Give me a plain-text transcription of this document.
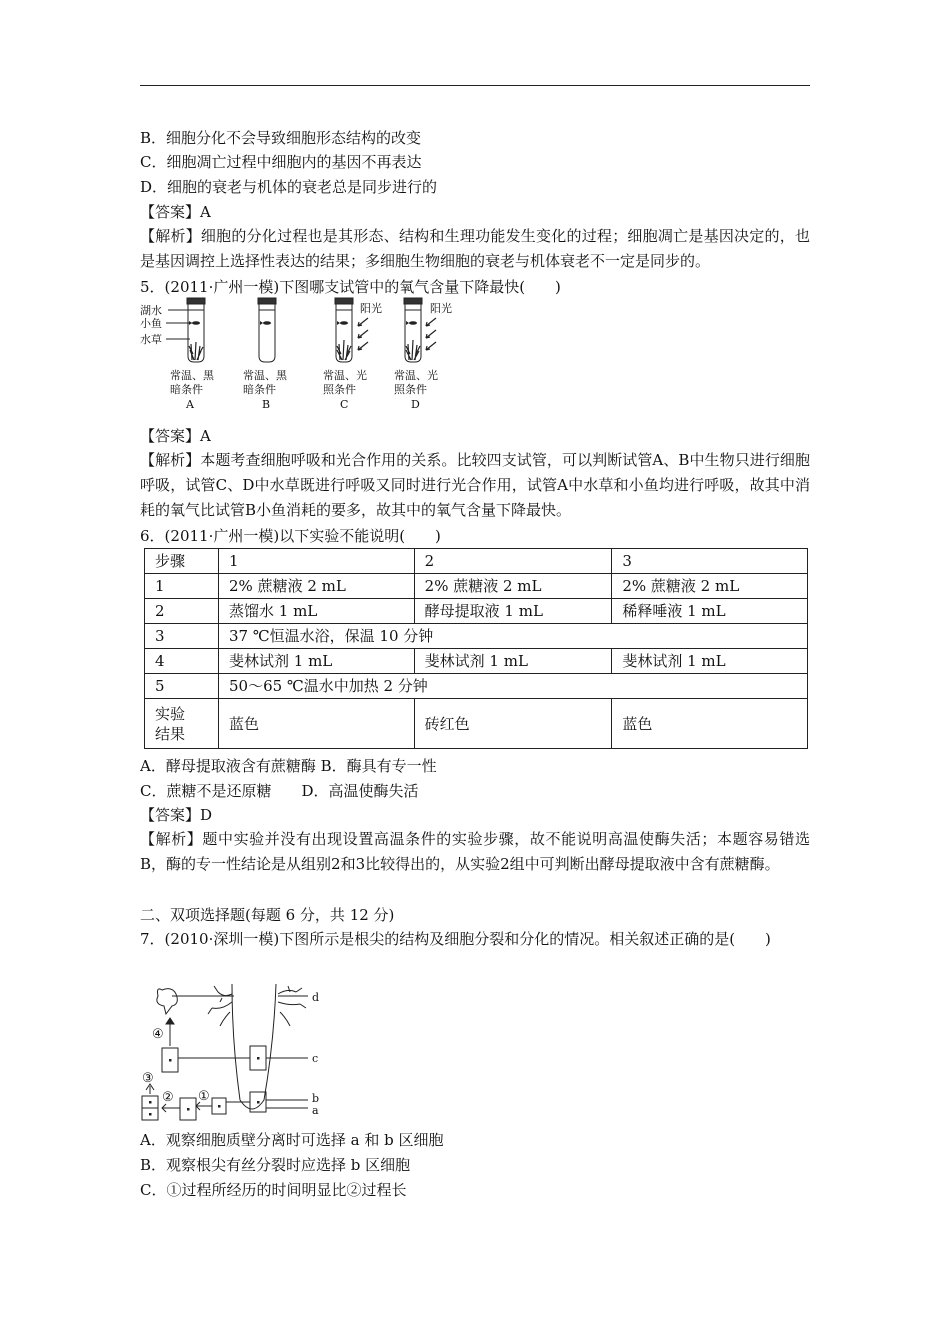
B．细胞分化不会导致细胞形态结构的改变
C．细胞凋亡过程中细胞内的基因不再表达
D．细胞的衰老与机体的衰老总是同步进行的
【答案】A
【解析】细胞的分化过程也是其形态、结构和生理功能发生变化的过程；细胞凋亡是基因决定的，也是基因调控上选择性表达的结果；多细胞生物细胞的衰老与机体衰老不一定是同步的。
5．(2011·广州一模)下图哪支试管中的氧气含量下降最快(　　)
湖水
小鱼
水草
阳光	阳光
常温、黑
暗条件
A
常温、黑
暗条件
B
常温、光
照条件
C
常温、光
照条件
D
【答案】A
【解析】本题考查细胞呼吸和光合作用的关系。比较四支试管，可以判断试管A、B中生物只进行细胞呼吸，试管C、D中水草既进行呼吸又同时进行光合作用，试管A中水草和小鱼均进行呼吸，故其中消耗的氧气比试管B小鱼消耗的要多，故其中的氧气含量下降最快。
6．(2011·广州一模)以下实验不能说明(　　)
步骤	1	2	3
1	2% 蔗糖液 2 mL	2% 蔗糖液 2 mL	2% 蔗糖液 2 mL
2	蒸馏水 1 mL	酵母提取液 1 mL	稀释唾液 1 mL
3	37 ℃恒温水浴，保温 10 分钟		
4	斐林试剂 1 mL	斐林试剂 1 mL	斐林试剂 1 mL
5	50～65 ℃温水中加热 2 分钟		
实验
结果	蓝色	砖红色	蓝色
A．酵母提取液含有蔗糖酶 B．酶具有专一性
C．蔗糖不是还原糖　　D．高温使酶失活
【答案】D
【解析】题中实验并没有出现设置高温条件的实验步骤，故不能说明高温使酶失活；本题容易错选B，酶的专一性结论是从组别2和3比较得出的，从实验2组中可判断出酵母提取液中含有蔗糖酶。
二、双项选择题(每题 6 分，共 12 分)
7．(2010·深圳一模)下图所示是根尖的结构及细胞分裂和分化的情况。相关叙述正确的是(　　)
d
c
b
a
④
③
② ①
A．观察细胞质壁分离时可选择 a 和 b 区细胞
B．观察根尖有丝分裂时应选择 b 区细胞
C．①过程所经历的时间明显比②过程长
